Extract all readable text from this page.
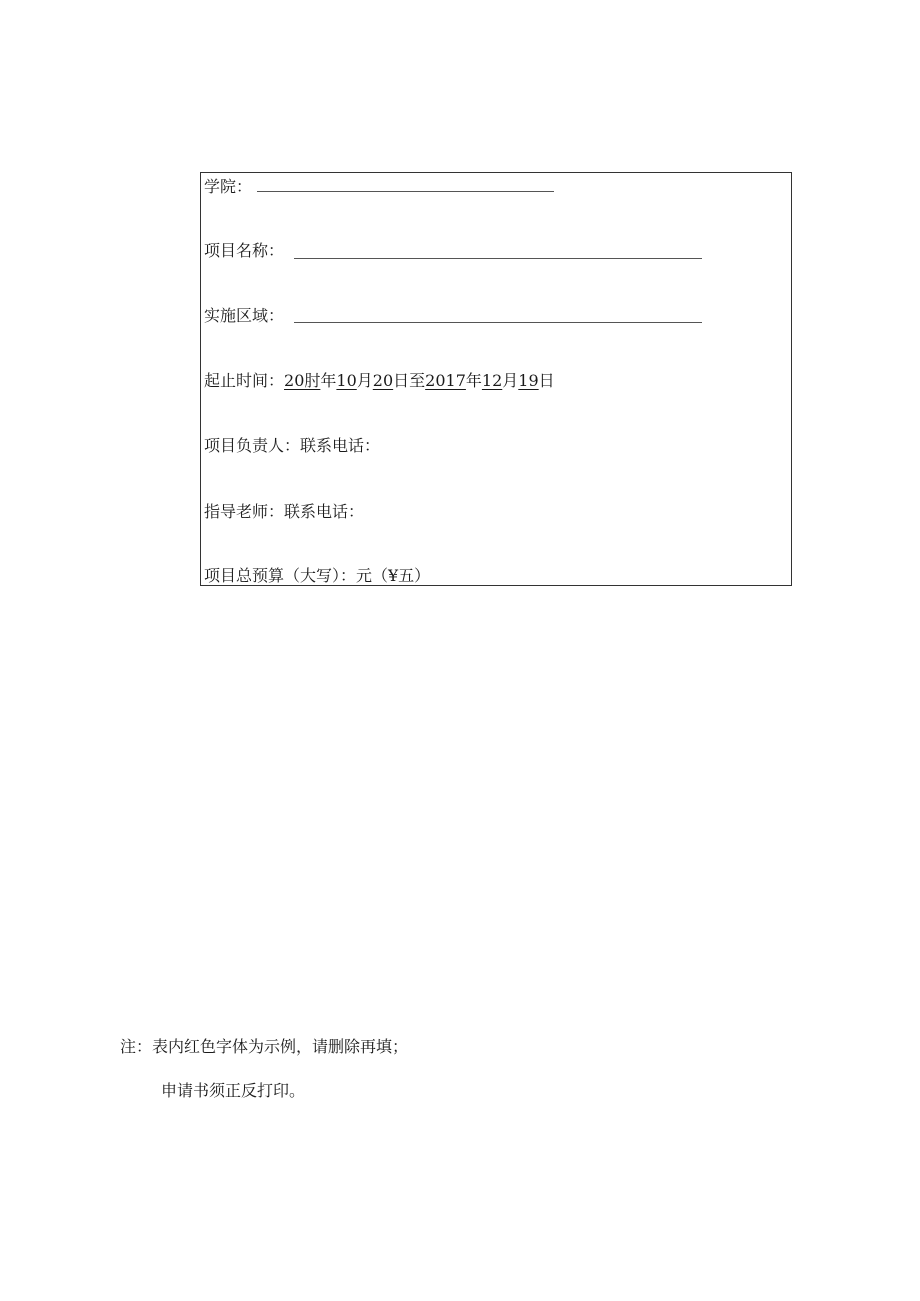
学院：
项目名称：
实施区域：
起止时间：20肘年10月20日至2017年12月19日
项目负责人：联系电话：
指导老师：联系电话：
项目总预算（大写）：元（¥五）
注：表内红色字体为示例，请删除再填；
申请书须正反打印。
